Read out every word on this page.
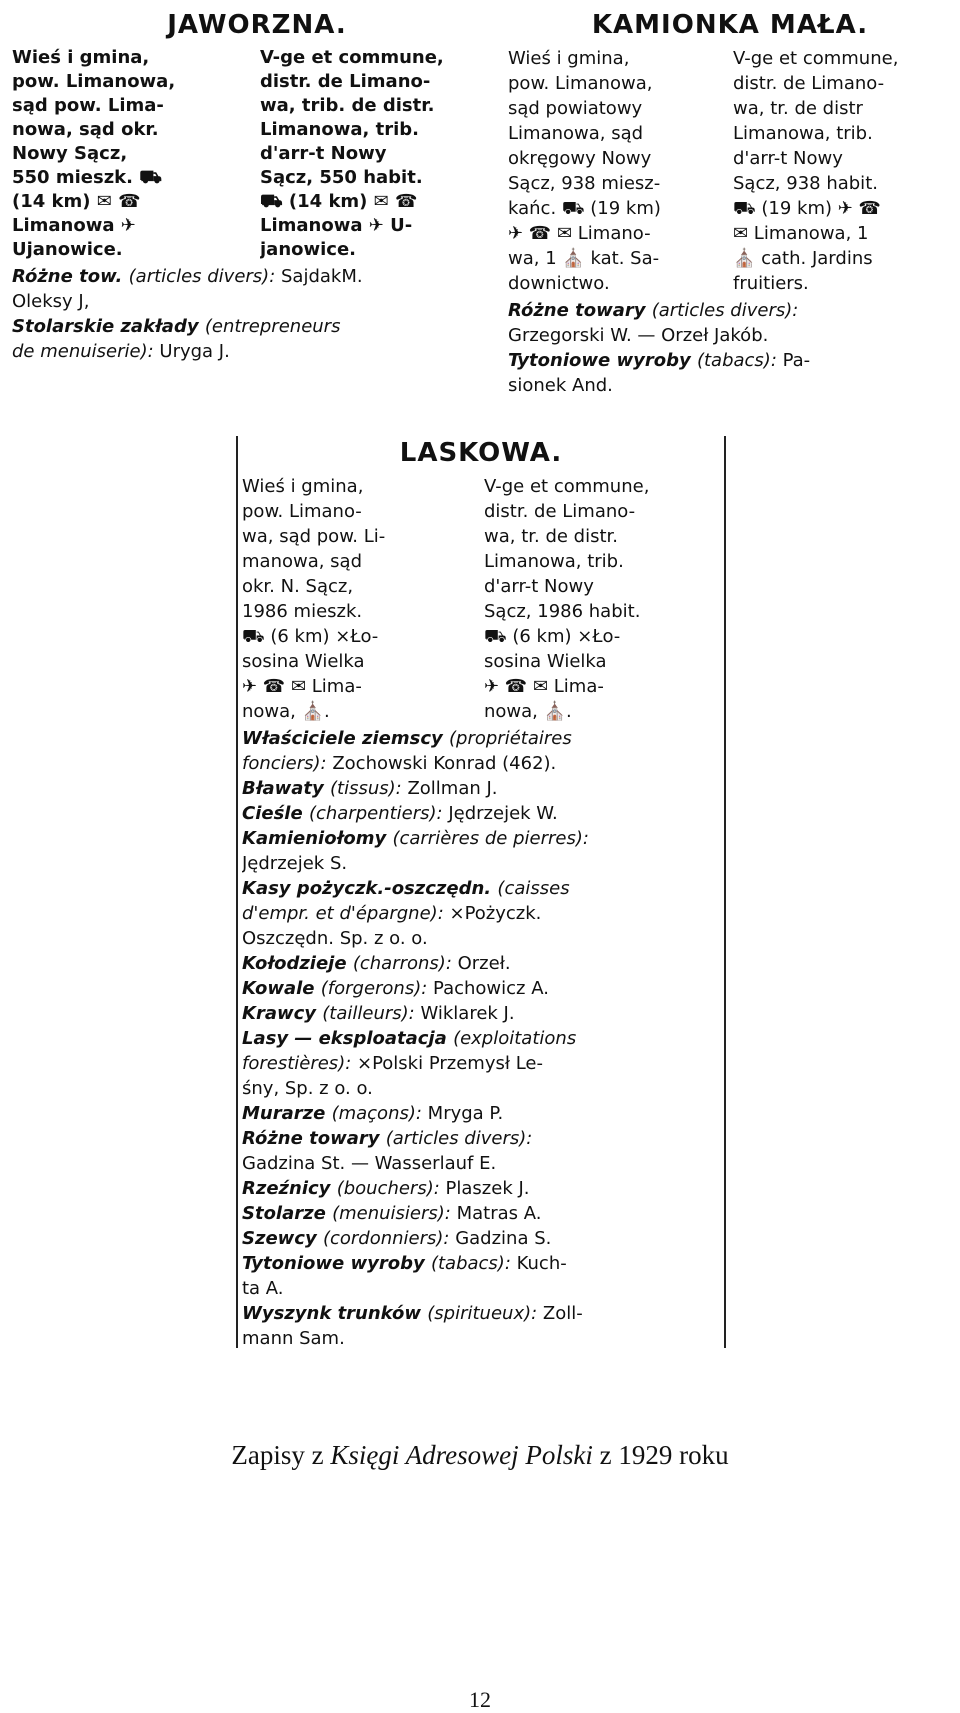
JAWORZNA.
Wieś i gmina,
pow. Limanowa,
sąd pow. Lima-
nowa, sąd okr.
Nowy Sącz,
550 mieszk. ⛟
(14 km) ✉ ☎
Limanowa ✈
Ujanowice.
V-ge et commune,
distr. de Limano-
wa, trib. de distr.
Limanowa, trib.
d'arr-t Nowy
Sącz, 550 habit.
⛟ (14 km) ✉ ☎
Limanowa ✈ U-
janowice.
Różne tow. (articles divers): SajdakM.
Oleksy J,
Stolarskie zakłady (entrepreneurs
de menuiserie): Uryga J.
KAMIONKA MAŁA.
Wieś i gmina,
pow. Limanowa,
sąd powiatowy
Limanowa, sąd
okręgowy Nowy
Sącz, 938 miesz-
kańc. ⛟ (19 km)
✈ ☎ ✉ Limano-
wa, 1 ⛪ kat. Sa-
downictwo.
V-ge et commune,
distr. de Limano-
wa, tr. de distr
Limanowa, trib.
d'arr-t Nowy
Sącz, 938 habit.
⛟ (19 km) ✈ ☎
✉ Limanowa, 1
⛪ cath. Jardins
fruitiers.
Różne towary (articles divers):
Grzegorski W. — Orzeł Jakób.
Tytoniowe wyroby (tabacs): Pa-
sionek And.
LASKOWA.
Wieś i gmina,
pow. Limano-
wa, sąd pow. Li-
manowa, sąd
okr. N. Sącz,
1986 mieszk.
⛟ (6 km) ×Ło-
sosina Wielka
✈ ☎ ✉ Lima-
nowa, ⛪.
V-ge et commune,
distr. de Limano-
wa, tr. de distr.
Limanowa, trib.
d'arr-t Nowy
Sącz, 1986 habit.
⛟ (6 km) ×Ło-
sosina Wielka
✈ ☎ ✉ Lima-
nowa, ⛪.
Właściciele ziemscy (propriétaires
fonciers): Zochowski Konrad (462).
Bławaty (tissus): Zollman J.
Cieśle (charpentiers): Jędrzejek W.
Kamieniołomy (carrières de pierres):
Jędrzejek S.
Kasy pożyczk.-oszczędn. (caisses
d'empr. et d'épargne): ×Pożyczk.
Oszczędn. Sp. z o. o.
Kołodzieje (charrons): Orzeł.
Kowale (forgerons): Pachowicz A.
Krawcy (tailleurs): Wiklarek J.
Lasy — eksploatacja (exploitations
forestières): ×Polski Przemysł Le-
śny, Sp. z o. o.
Murarze (maçons): Mryga P.
Różne towary (articles divers):
Gadzina St. — Wasserlauf E.
Rzeźnicy (bouchers): Plaszek J.
Stolarze (menuisiers): Matras A.
Szewcy (cordonniers): Gadzina S.
Tytoniowe wyroby (tabacs): Kuch-
ta A.
Wyszynk trunków (spiritueux): Zoll-
mann Sam.
Zapisy z Księgi Adresowej Polski z 1929 roku
12
